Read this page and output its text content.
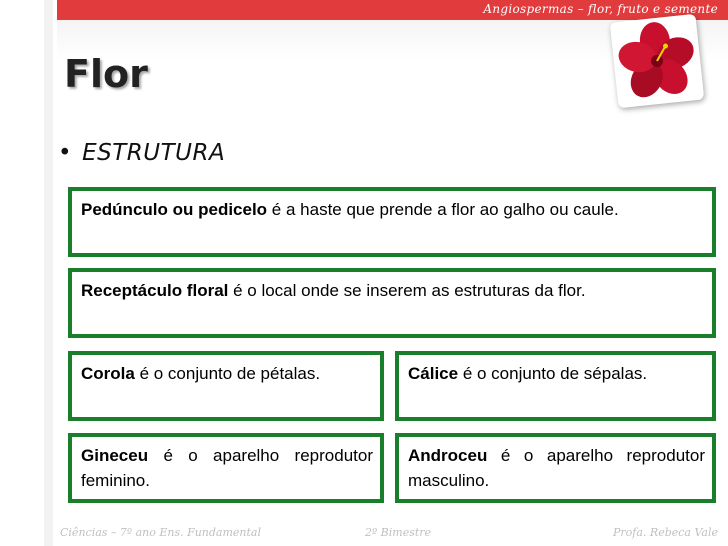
Angiospermas – flor, fruto e semente
Flor
• ESTRUTURA
Pedúnculo ou pedicelo é a haste que prende a flor ao galho ou caule.
Receptáculo floral é o local onde se inserem as estruturas da flor.
Corola é o conjunto de pétalas.	Cálice é o conjunto de sépalas.
Gineceu é o aparelho reprodutor feminino.
Androceu é o aparelho reprodutor masculino.
Ciências – 7º ano Ens. Fundamental	2º Bimestre	Profa. Rebeca Vale
